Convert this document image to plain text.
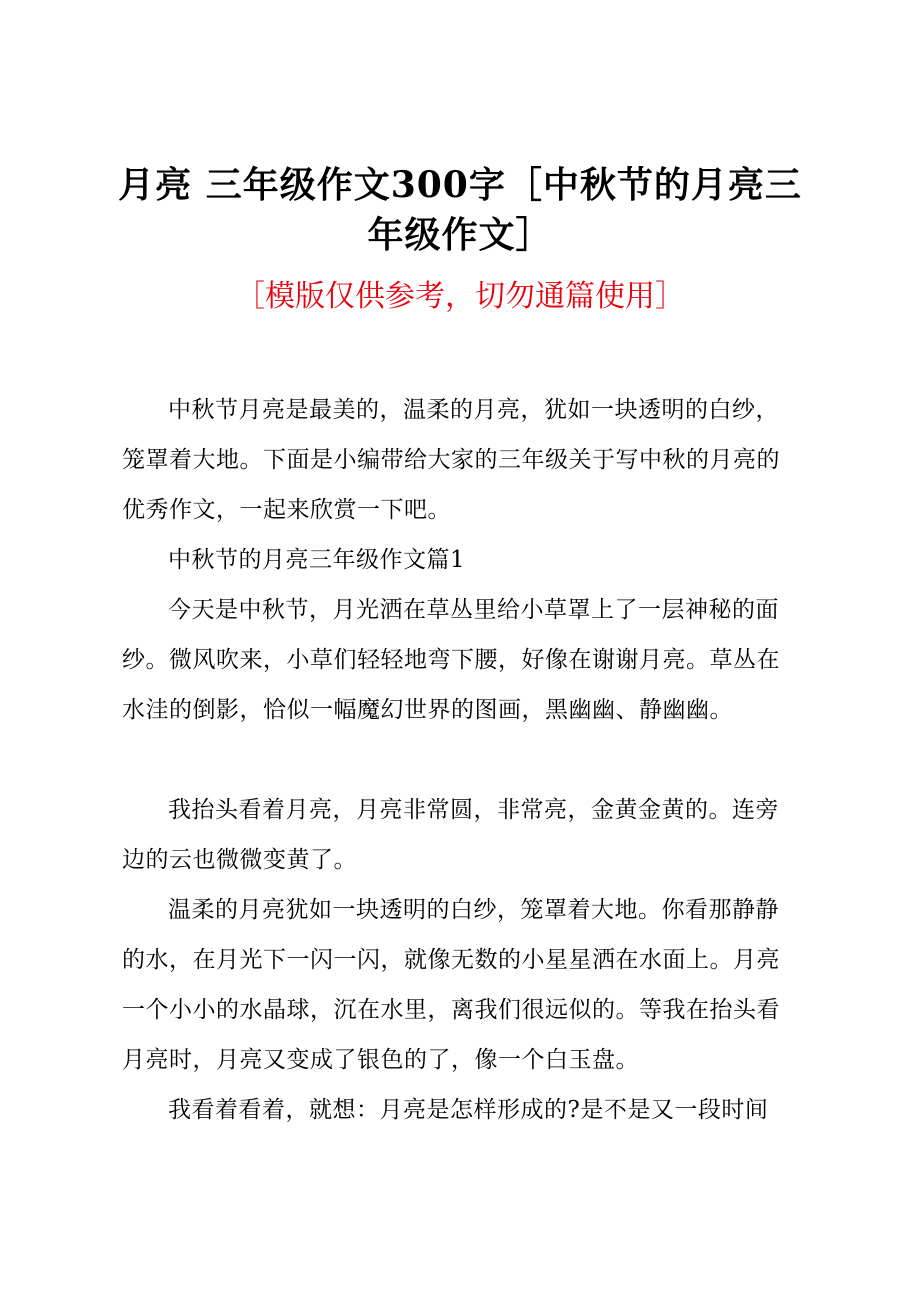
月亮 三年级作文300字［中秋节的月亮三年级作文］
［模版仅供参考，切勿通篇使用］

中秋节月亮是最美的，温柔的月亮，犹如一块透明的白纱，笼罩着大地。下面是小编带给大家的三年级关于写中秋的月亮的优秀作文，一起来欣赏一下吧。

中秋节的月亮三年级作文篇1

今天是中秋节，月光洒在草丛里给小草罩上了一层神秘的面纱。微风吹来，小草们轻轻地弯下腰，好像在谢谢月亮。草丛在水洼的倒影，恰似一幅魔幻世界的图画，黑幽幽、静幽幽。

我抬头看着月亮，月亮非常圆，非常亮，金黄金黄的。连旁边的云也微微变黄了。

温柔的月亮犹如一块透明的白纱，笼罩着大地。你看那静静的水，在月光下一闪一闪，就像无数的小星星洒在水面上。月亮一个小小的水晶球，沉在水里，离我们很远似的。等我在抬头看月亮时，月亮又变成了银色的了，像一个白玉盘。

我看着看着，就想：月亮是怎样形成的?是不是又一段时间
